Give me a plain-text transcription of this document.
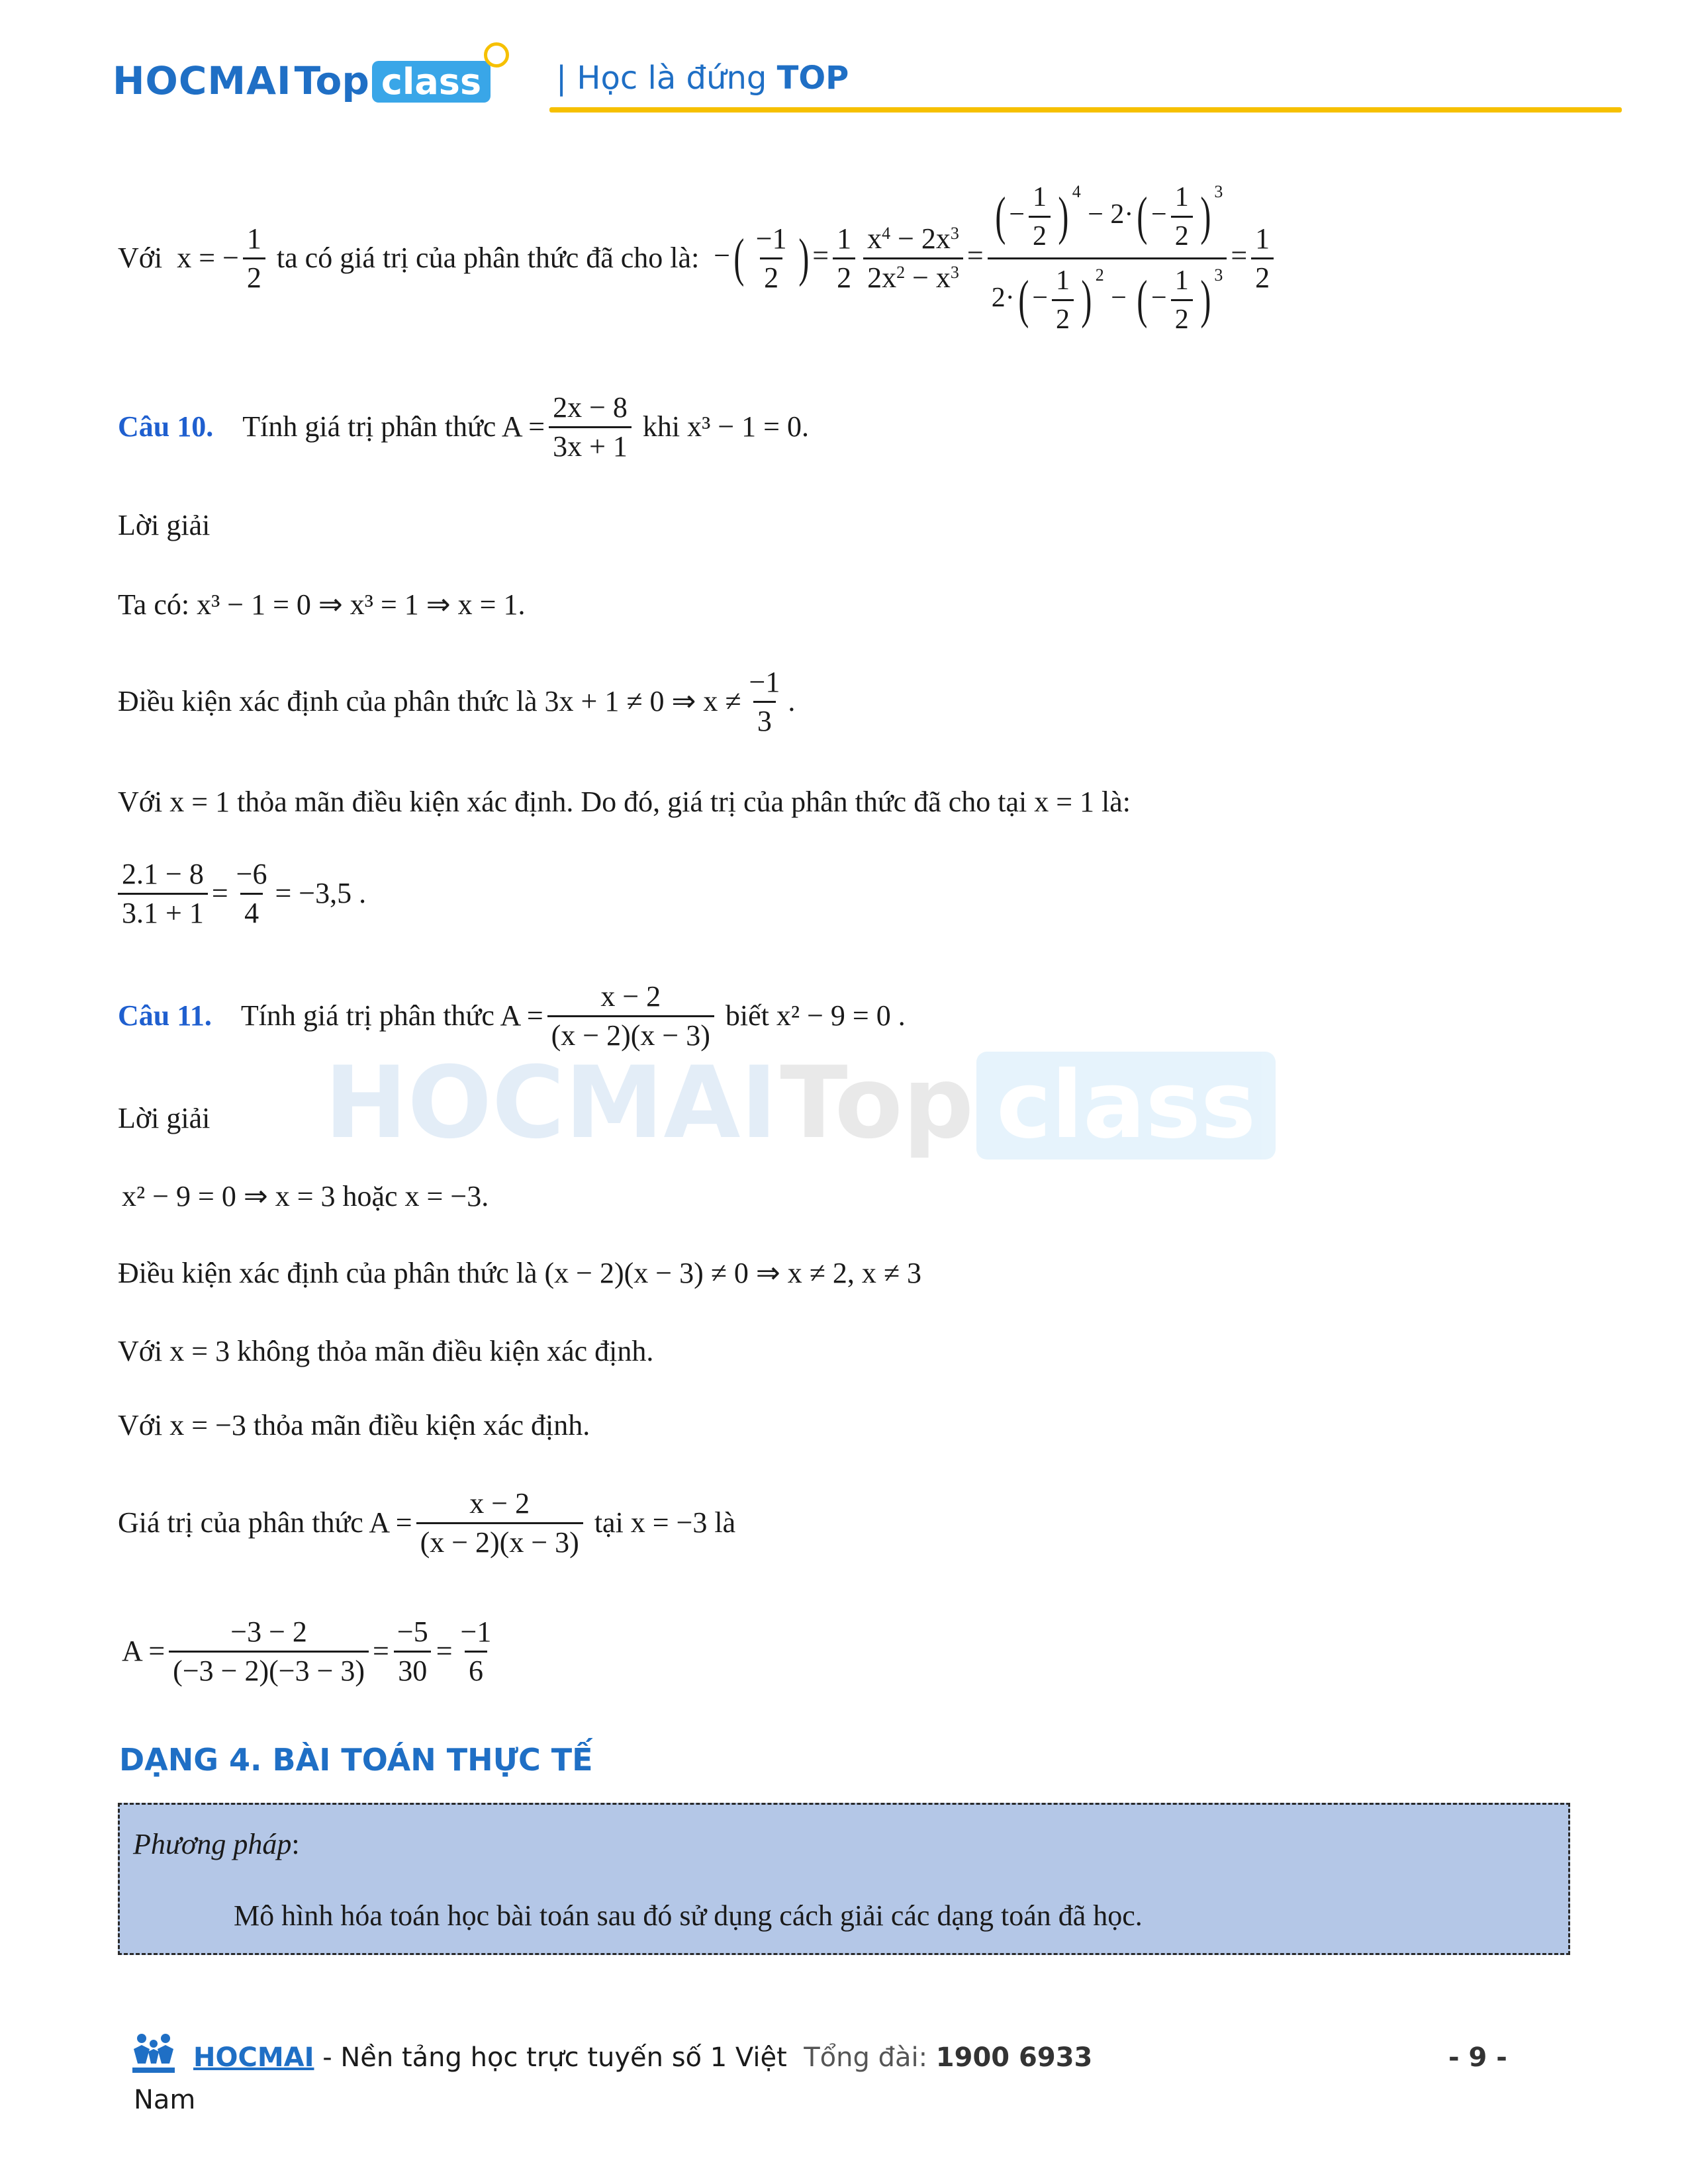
HOCMAI Top class	| Học là đứng TOP
HOCMAI Top class
Với
x = − $\frac{1}{2}$
ta có giá trị của phân thức đã cho là:
−( $\frac{-1}{2}$ ) = $\frac{1}{2} \frac{x^4 - 2x^3}{2x^2 - x^3} = \frac{( - \frac{1}{2} ) ^4 - 2\cdot( - \frac{1}{2} ) ^3}{2\cdot( - \frac{1}{2} ) ^2 - ( - \frac{1}{2} ) ^3} = \frac{1}{2}$
Câu 10.
Tính giá trị phân thức $A = \frac{2x - 8}{3x + 1}$
khi x³ − 1 = 0.
Lời giải
Ta có: x³ − 1 = 0 ⇒ x³ = 1 ⇒ x = 1.
Điều kiện xác định của phân thức là 3x + 1 ≠ 0 ⇒ $x \ne \frac{-1}{3}$ .
Với x = 1 thỏa mãn điều kiện xác định. Do đó, giá trị của phân thức đã cho tại x = 1 là:
$\frac{2.1 - 8}{3.1 + 1} = \frac{-6}{4} = -3,5$ .
Câu 11.
Tính giá trị phân thức $A = \frac{x - 2}{(x - 2)(x - 3)}$
biết x² − 9 = 0 .
Lời giải
x² − 9 = 0 ⇒ x = 3 hoặc x = −3.
Điều kiện xác định của phân thức là (x − 2)(x − 3) ≠ 0 ⇒ x ≠ 2, x ≠ 3
Với x = 3 không thỏa mãn điều kiện xác định.
Với x = −3 thỏa mãn điều kiện xác định.
Giá trị của phân thức $A = \frac{x - 2}{(x - 2)(x - 3)}$
tại x = −3 là
$A = \frac{-3 - 2}{(-3 - 2)(-3 - 3)} = \frac{-5}{30} = \frac{-1}{6}$
DẠNG 4. BÀI TOÁN THỰC TẾ
Phương pháp:
Mô hình hóa toán học bài toán sau đó sử dụng cách giải các dạng toán đã học.
HOCMAI - Nền tảng học trực tuyến số 1 Việt Tổng đài: 1900 6933
Nam
- 9 -
